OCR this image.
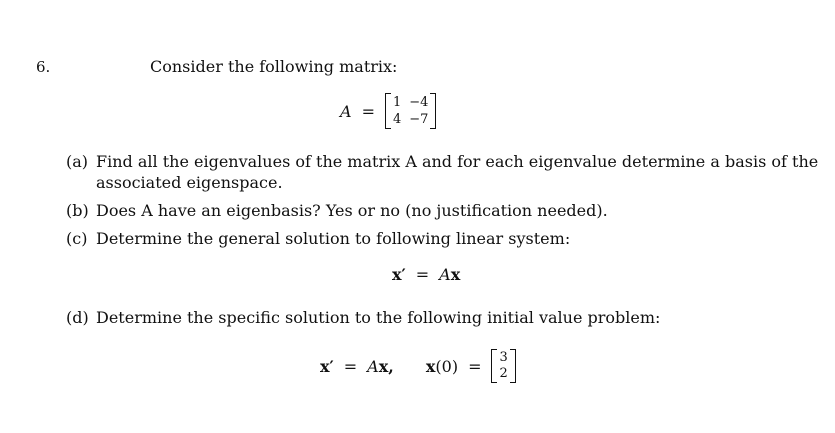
6.	Consider the following matrix:
A = 1 −4
4 −7
(a) Find all the eigenvalues of the matrix A and for each eigenvalue determine a basis of the
associated eigenspace.
(b) Does A have an eigenbasis? Yes or no (no justification needed).
(c) Determine the general solution to following linear system:
x′ = Ax
(d) Determine the specific solution to the following initial value problem:
x′ = Ax, x(0) = 3
2
